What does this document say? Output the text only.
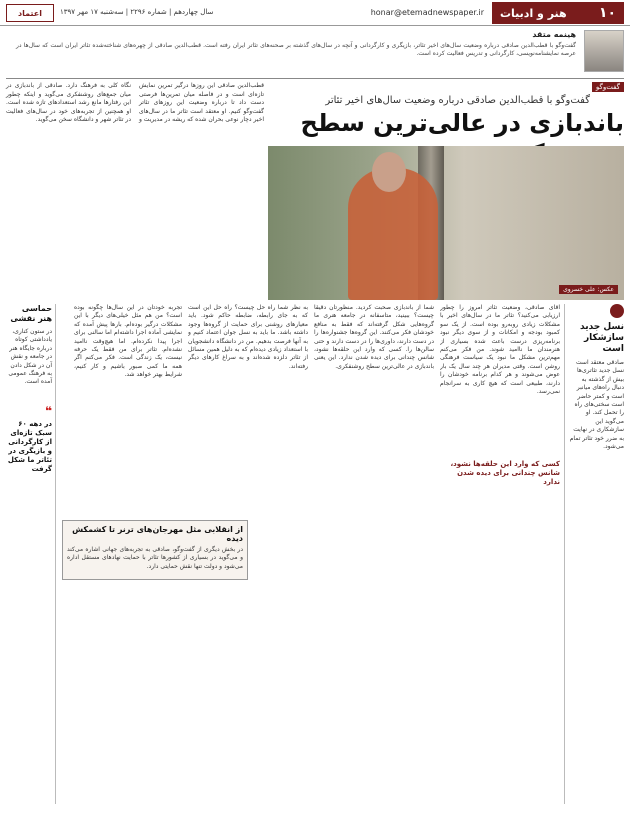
۱۰
هنر و ادبیات
honar@etemadnewspaper.ir
سال چهاردهم | شماره ۲۲۹۶ | سه‌شنبه ۱۷ مهر ۱۳۹۷
اعتماد
هینمه متقد
گفت‌وگو با قطب‌الدین صادقی درباره وضعیت سال‌های اخیر تئاتر، بازیگری و کارگردانی و آنچه در سال‌های گذشته بر صحنه‌های تئاتر ایران رفته است. قطب‌الدین صادقی از چهره‌های شناخته‌شده تئاتر ایران است که سال‌ها در عرصه نمایشنامه‌نویسی، کارگردانی و تدریس فعالیت کرده است.
گفت‌وگو
گفت‌وگو با قطب‌الدین صادقی درباره وضعیت سال‌های اخیر تئاتر
باندبازی در عالی‌ترین سطح
عکس: علی خسروی
قطب‌الدین صادقی این روزها درگیر تمرین نمایش تازه‌ای است و در فاصله میان تمرین‌ها فرصتی دست داد تا درباره وضعیت این روزهای تئاتر گفت‌وگو کنیم. او معتقد است تئاتر ما در سال‌های اخیر دچار نوعی بحران شده که ریشه در مدیریت و نگاه کلی به فرهنگ دارد. صادقی از باندبازی در میان جمع‌های روشنفکری می‌گوید و اینکه چطور این رفتارها مانع رشد استعدادهای تازه شده است. او همچنین از تجربه‌های خود در سال‌های فعالیت در تئاتر شهر و دانشگاه سخن می‌گوید.
حماسی هنر نقشی
در ستون کناری، یادداشتی کوتاه درباره جایگاه هنر در جامعه و نقش آن در شکل دادن به فرهنگ عمومی آمده است.
❝
در دهه ۶۰ سبک تازه‌ای از کارگردانی و بازیگری در تئاتر ما شکل گرفت
نسل جدید سازشکار است
صادقی معتقد است نسل جدید تئاتری‌ها بیش از گذشته به دنبال راه‌های میانبر است و کمتر حاضر است سختی‌های راه را تحمل کند. او می‌گوید این سازشکاری در نهایت به ضرر خود تئاتر تمام می‌شود.
آقای صادقی، وضعیت تئاتر امروز را چطور ارزیابی می‌کنید؟ تئاتر ما در سال‌های اخیر با مشکلات زیادی روبه‌رو بوده است. از یک سو کمبود بودجه و امکانات و از سوی دیگر نبود برنامه‌ریزی درست باعث شده بسیاری از هنرمندان ما ناامید شوند. من فکر می‌کنم مهم‌ترین مشکل ما نبود یک سیاست فرهنگی روشن است. وقتی مدیران هر چند سال یک بار عوض می‌شوند و هر کدام برنامه خودشان را دارند، طبیعی است که هیچ کاری به سرانجام نمی‌رسد.
شما از باندبازی صحبت کردید. منظورتان دقیقا چیست؟ ببینید، متاسفانه در جامعه هنری ما گروه‌هایی شکل گرفته‌اند که فقط به منافع خودشان فکر می‌کنند. این گروه‌ها جشنواره‌ها را در دست دارند، داوری‌ها را در دست دارند و حتی سالن‌ها را. کسی که وارد این حلقه‌ها نشود، شانس چندانی برای دیده شدن ندارد. این یعنی باندبازی در عالی‌ترین سطح روشنفکری.
به نظر شما راه حل چیست؟ راه حل این است که به جای رابطه، ضابطه حاکم شود. باید معیارهای روشنی برای حمایت از گروه‌ها وجود داشته باشد. ما باید به نسل جوان اعتماد کنیم و به آنها فرصت بدهیم. من در دانشگاه دانشجویان با استعداد زیادی دیده‌ام که به دلیل همین مسائل از تئاتر دلزده شده‌اند و به سراغ کارهای دیگر رفته‌اند.
تجربه خودتان در این سال‌ها چگونه بوده است؟ من هم مثل خیلی‌های دیگر با این مشکلات درگیر بوده‌ام. بارها پیش آمده که نمایشی آماده اجرا داشته‌ام اما سالنی برای اجرا پیدا نکرده‌ام. اما هیچ‌وقت ناامید نشده‌ام. تئاتر برای من فقط یک حرفه نیست، یک زندگی است. فکر می‌کنم اگر همه ما کمی صبور باشیم و کار کنیم، شرایط بهتر خواهد شد.
کسی که وارد این حلقه‌ها نشود، شانس چندانی برای دیده شدن ندارد
از انقلابی مثل مهرجان‌های ترنر تا کشمکش دیده
در بخش دیگری از گفت‌وگو، صادقی به تجربه‌های جهانی اشاره می‌کند و می‌گوید در بسیاری از کشورها تئاتر با حمایت نهادهای مستقل اداره می‌شود و دولت تنها نقش حمایتی دارد.
